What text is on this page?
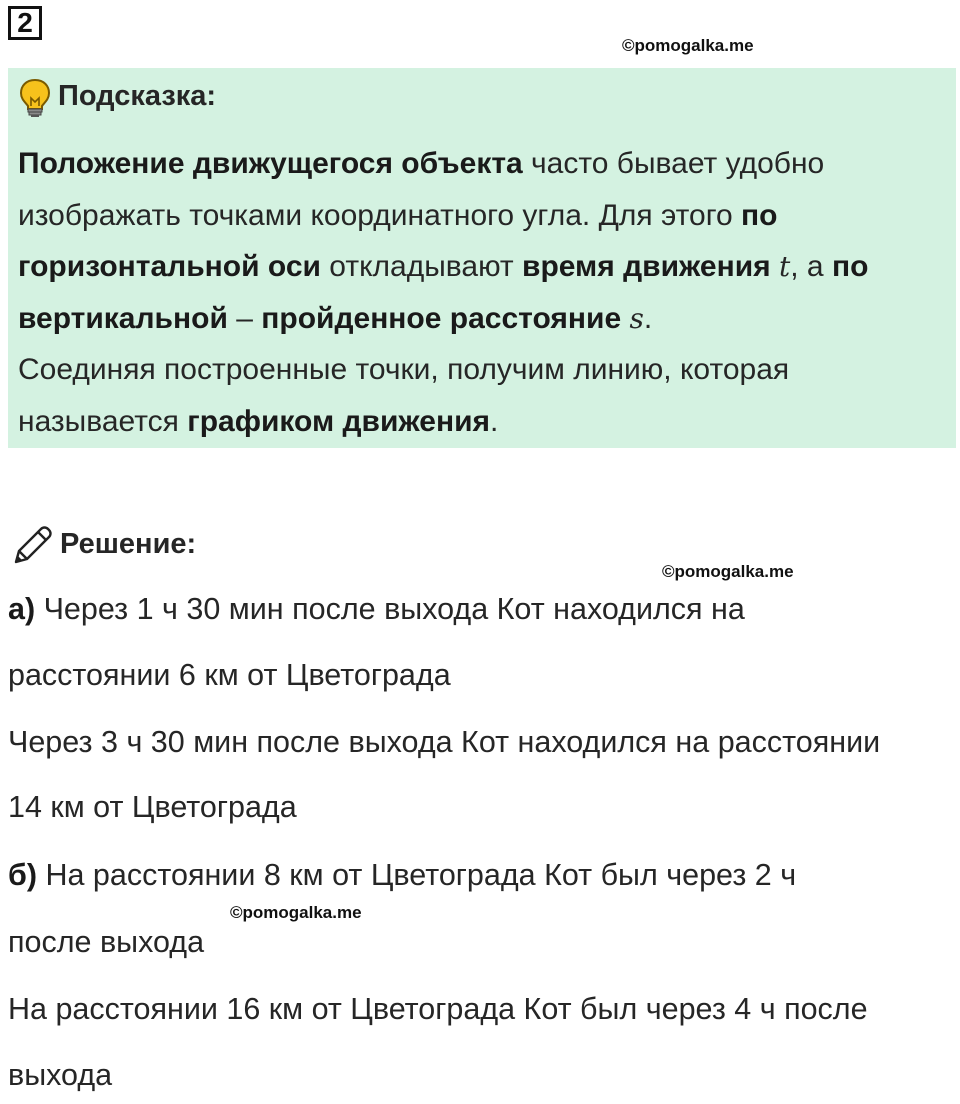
2
©pomogalka.me
Подсказка:
Положение движущегося объекта часто бывает удобно
изображать точками координатного угла. Для этого по
горизонтальной оси откладывают время движения t, а по
вертикальной – пройденное расстояние s.
Соединяя построенные точки, получим линию, которая
называется графиком движения.
Решение:
©pomogalka.me
а) Через 1 ч 30 мин после выхода Кот находился на
расстоянии 6 км от Цветограда
Через 3 ч 30 мин после выхода Кот находился на расстоянии
14 км от Цветограда
б) На расстоянии 8 км от Цветограда Кот был через 2 ч
после выхода
На расстоянии 16 км от Цветограда Кот был через 4 ч после
выхода
©pomogalka.me
